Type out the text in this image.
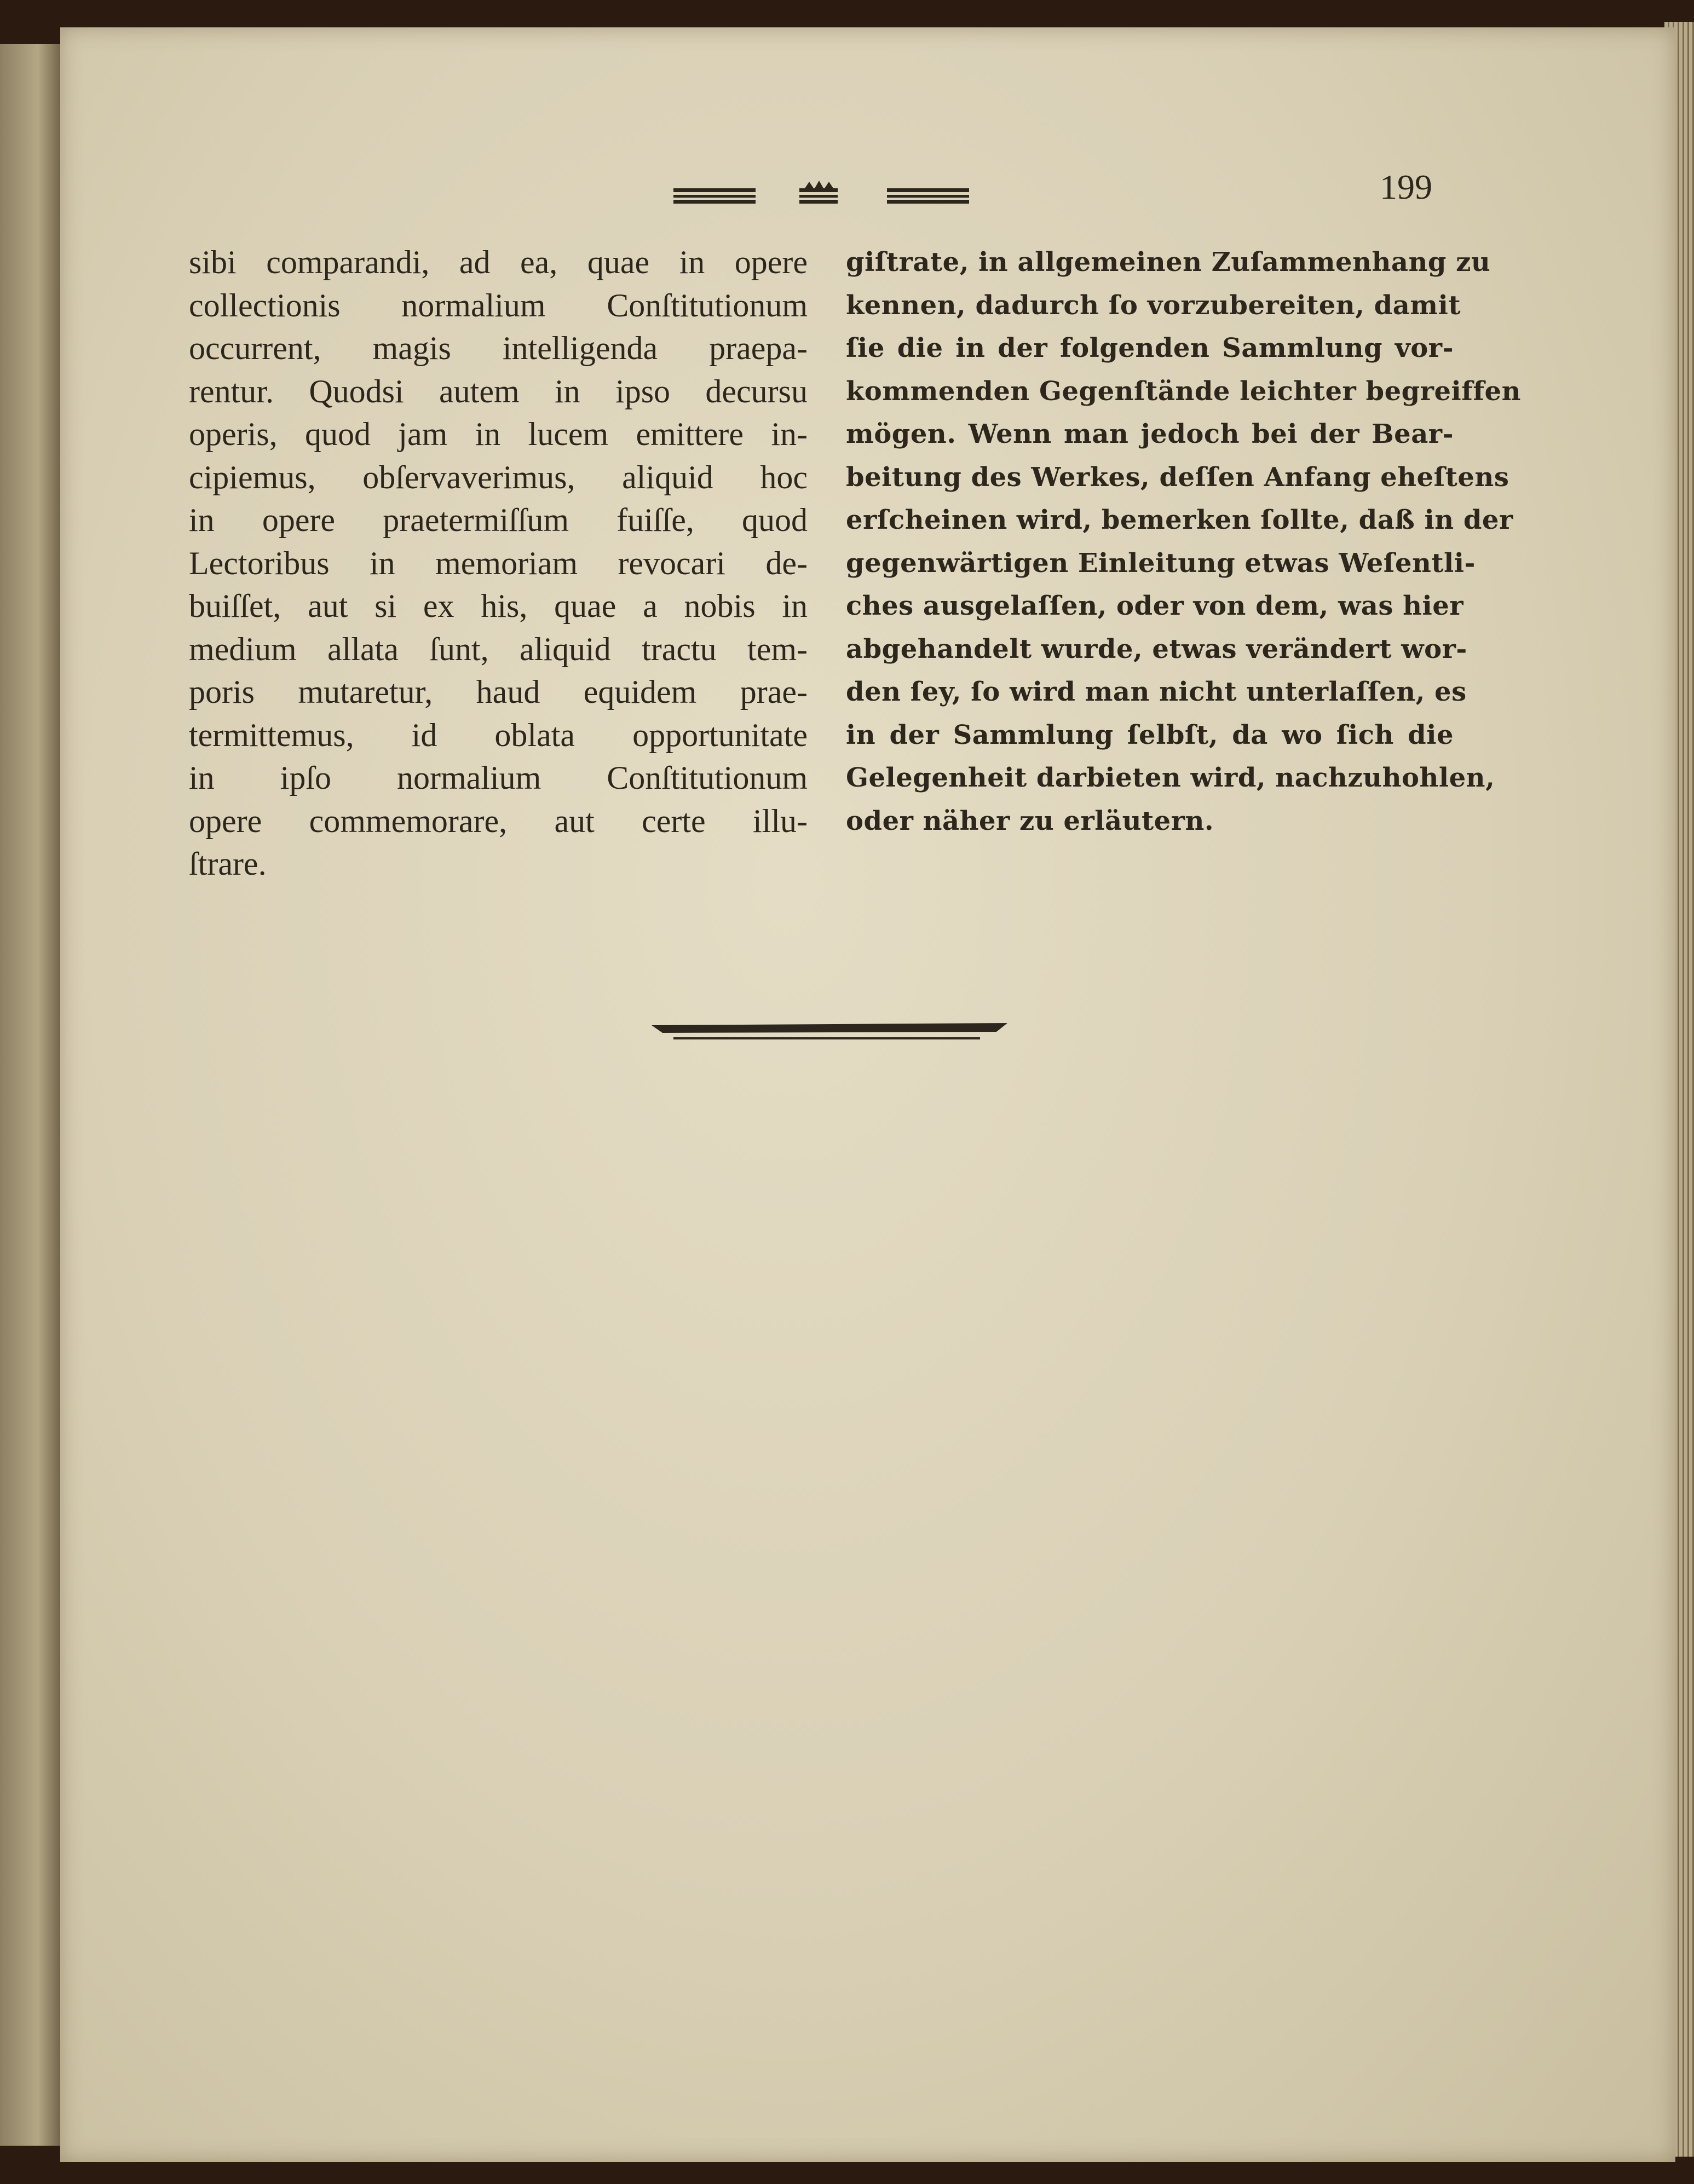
199
sibi comparandi, ad ea, quae in opere
collectionis normalium Conſtitutionum
occurrent, magis intelligenda praepa-
rentur. Quodsi autem in ipso decursu
operis, quod jam in lucem emittere in-
cipiemus, obſervaverimus, aliquid hoc
in opere praetermiſſum fuiſſe, quod
Lectoribus in memoriam revocari de-
buiſſet, aut si ex his, quae a nobis in
medium allata ſunt, aliquid tractu tem-
poris mutaretur, haud equidem prae-
termittemus, id oblata opportunitate
in ipſo normalium Conſtitutionum
opere commemorare, aut certe illu-
ſtrare.
giſtrate, in allgemeinen Zuſammenhang zu
kennen, dadurch ſo vorzubereiten, damit
ſie die in der folgenden Sammlung vor-
kommenden Gegenſtände leichter begreiffen
mögen. Wenn man jedoch bei der Bear-
beitung des Werkes, deſſen Anfang eheſtens
erſcheinen wird, bemerken ſollte, daß in der
gegenwärtigen Einleitung etwas Weſentli-
ches ausgelaſſen, oder von dem, was hier
abgehandelt wurde, etwas verändert wor-
den ſey, ſo wird man nicht unterlaſſen, es
in der Sammlung ſelbſt, da wo ſich die
Gelegenheit darbieten wird, nachzuhohlen,
oder näher zu erläutern.
